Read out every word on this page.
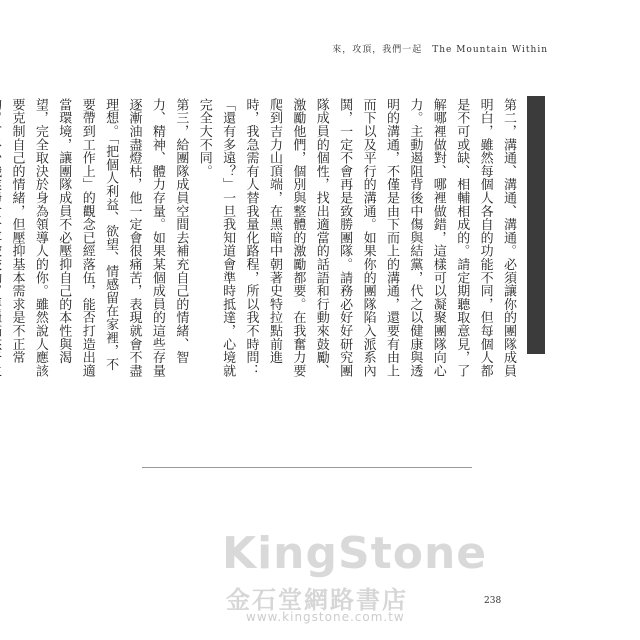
來，攻頂，我們一起　The Mountain Within

第二，溝通、溝通、溝通。必須讓你的團隊成員明白，雖然每個人各自的功能不同，但每個人都是不可或缺、相輔相成的。請定期聽取意見，了解哪裡做對、哪裡做錯，這樣可以凝聚團隊向心力。主動遏阻背後中傷與結黨，代之以健康與透明的溝通，不僅是由下而上的溝通，還要有由上而下以及平行的溝通。如果你的團隊陷入派系內鬨，一定不會再是致勝團隊。請務必好好研究團隊成員的個性，找出適當的話語和行動來鼓勵、激勵他們，個別與整體的激勵都要。在我奮力要爬到吉力山頂端，在黑暗中朝著史特拉點前進時，我急需有人替我量化路程，所以我不時問：「還有多遠？」一旦我知道會準時抵達，心境就完全大不同。

第三，給團隊成員空間去補充自己的情緒、智力、精神、體力存量。如果某個成員的這些存量逐漸油盡燈枯，他一定會很痛苦，表現就會不盡理想。「把個人利益、欲望、情感留在家裡，不要帶到工作上」的觀念已經落伍，能否打造出適當環境，讓團隊成員不必壓抑自己的本性與渴望，完全取決於身為領導人的你。雖然說人應該要克制自己的情緒，但壓抑基本需求是不正常

KingStone
金石堂網路書店
www.kingstone.com.tw
238
